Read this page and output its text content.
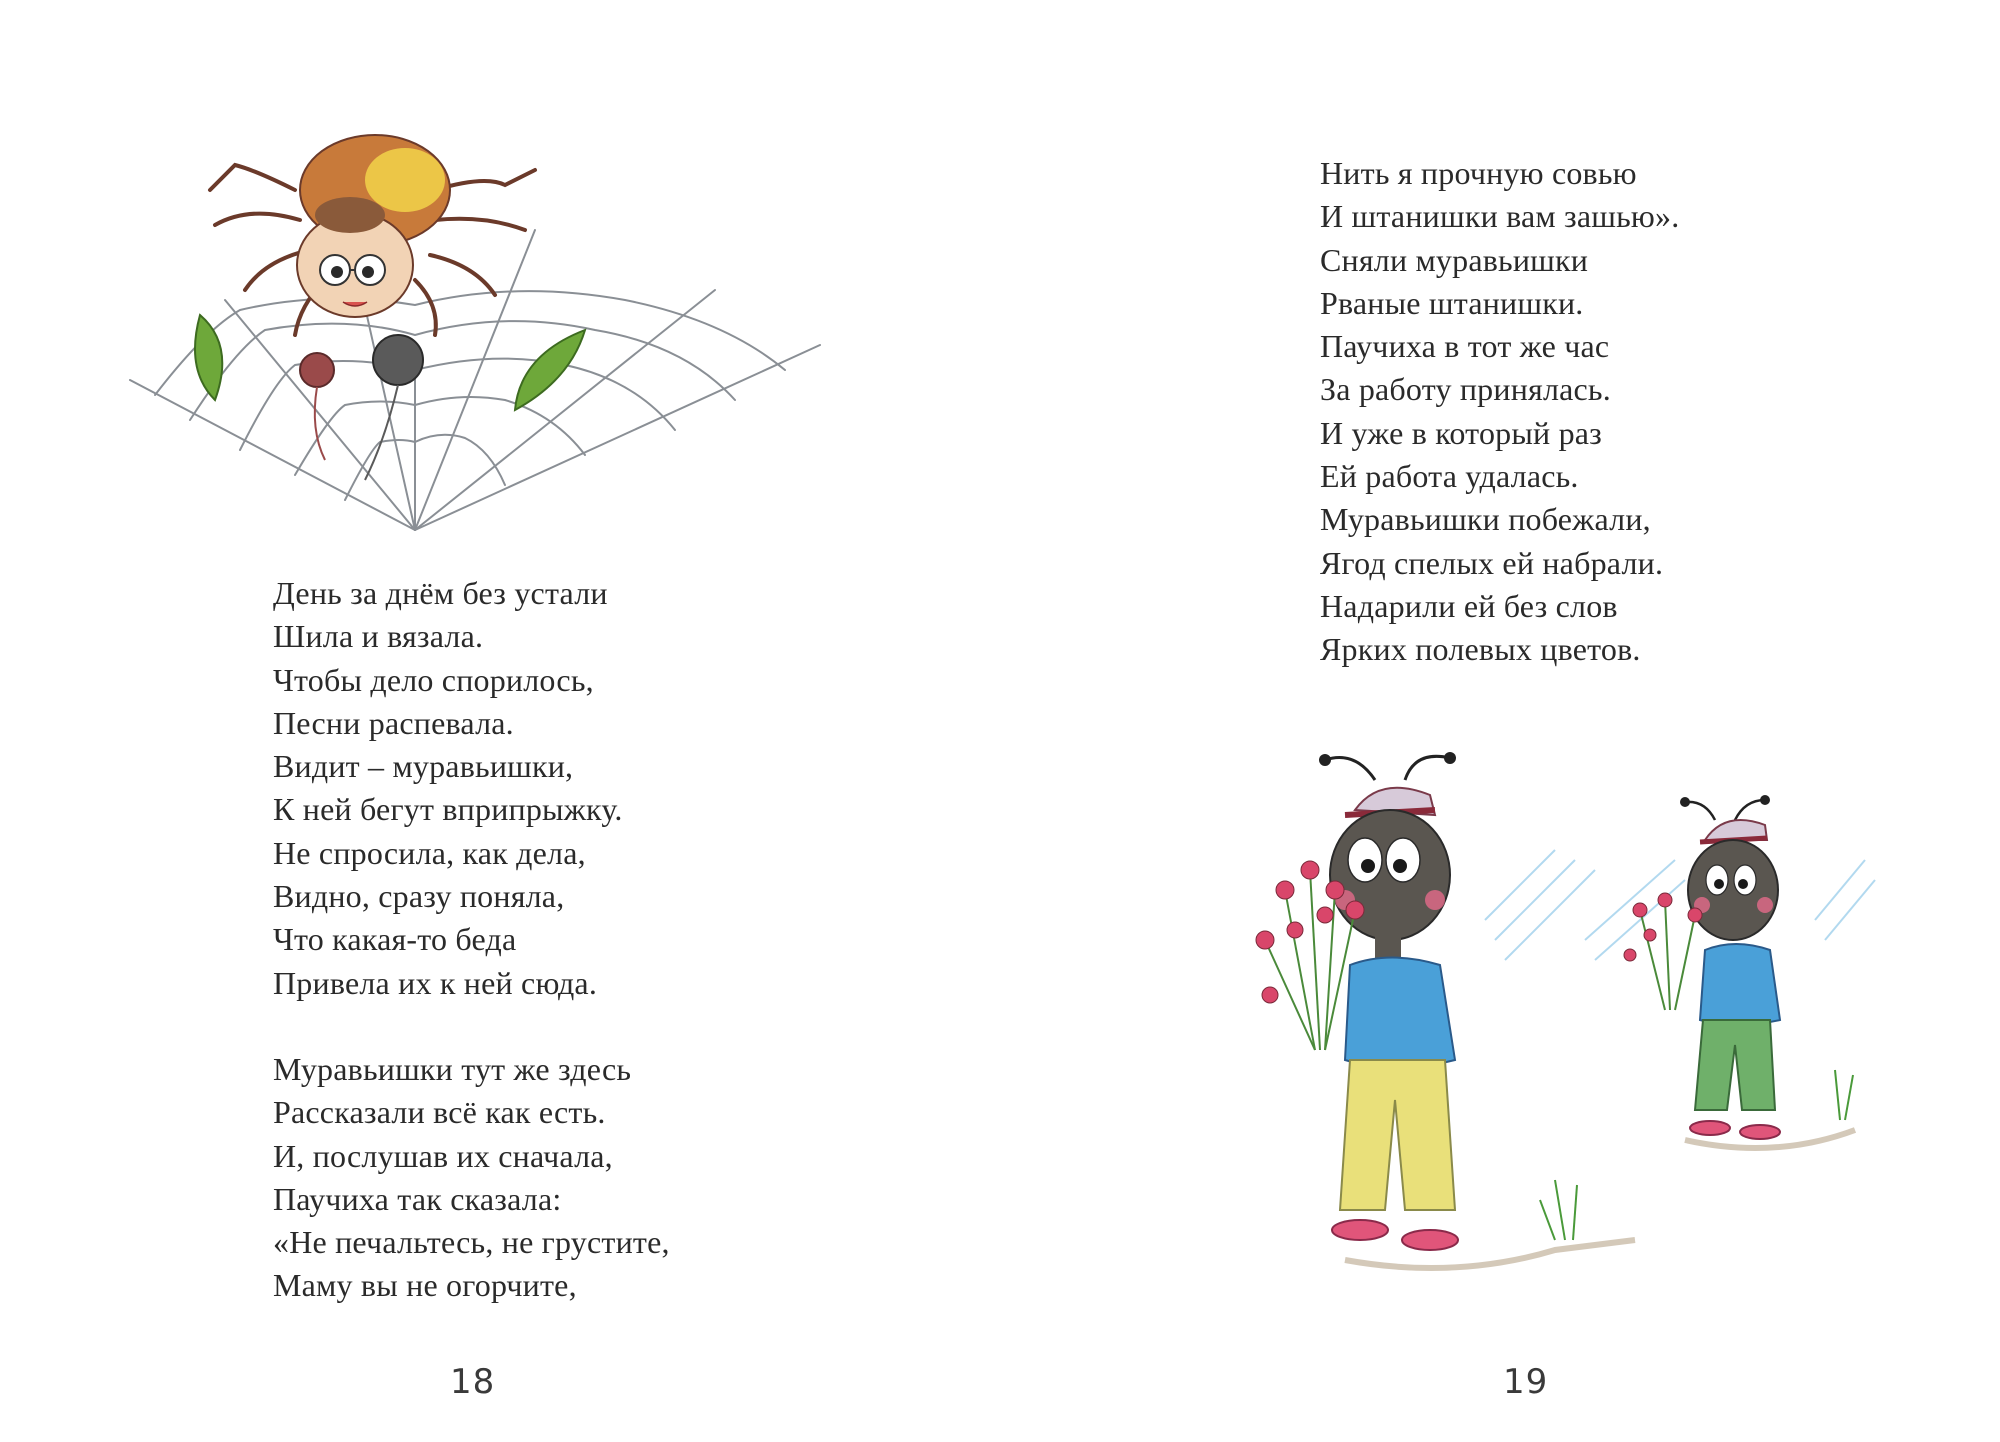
День за днём без устали
Шила и вязала.
Чтобы дело спорилось,
Песни распевала.
Видит – муравьишки,
К ней бегут вприпрыжку.
Не спросила, как дела,
Видно, сразу поняла,
Что какая-то беда
Привела их к ней сюда.
Муравьишки тут же здесь
Рассказали всё как есть.
И, послушав их сначала,
Паучиха так сказала:
«Не печальтесь, не грустите,
Маму вы не огорчите,
18
Нить я прочную совью
И штанишки вам зашью».
Сняли муравьишки
Рваные штанишки.
Паучиха в тот же час
За работу принялась.
И уже в который раз
Ей работа удалась.
Муравьишки побежали,
Ягод спелых ей набрали.
Надарили ей без слов
Ярких полевых цветов.
19
